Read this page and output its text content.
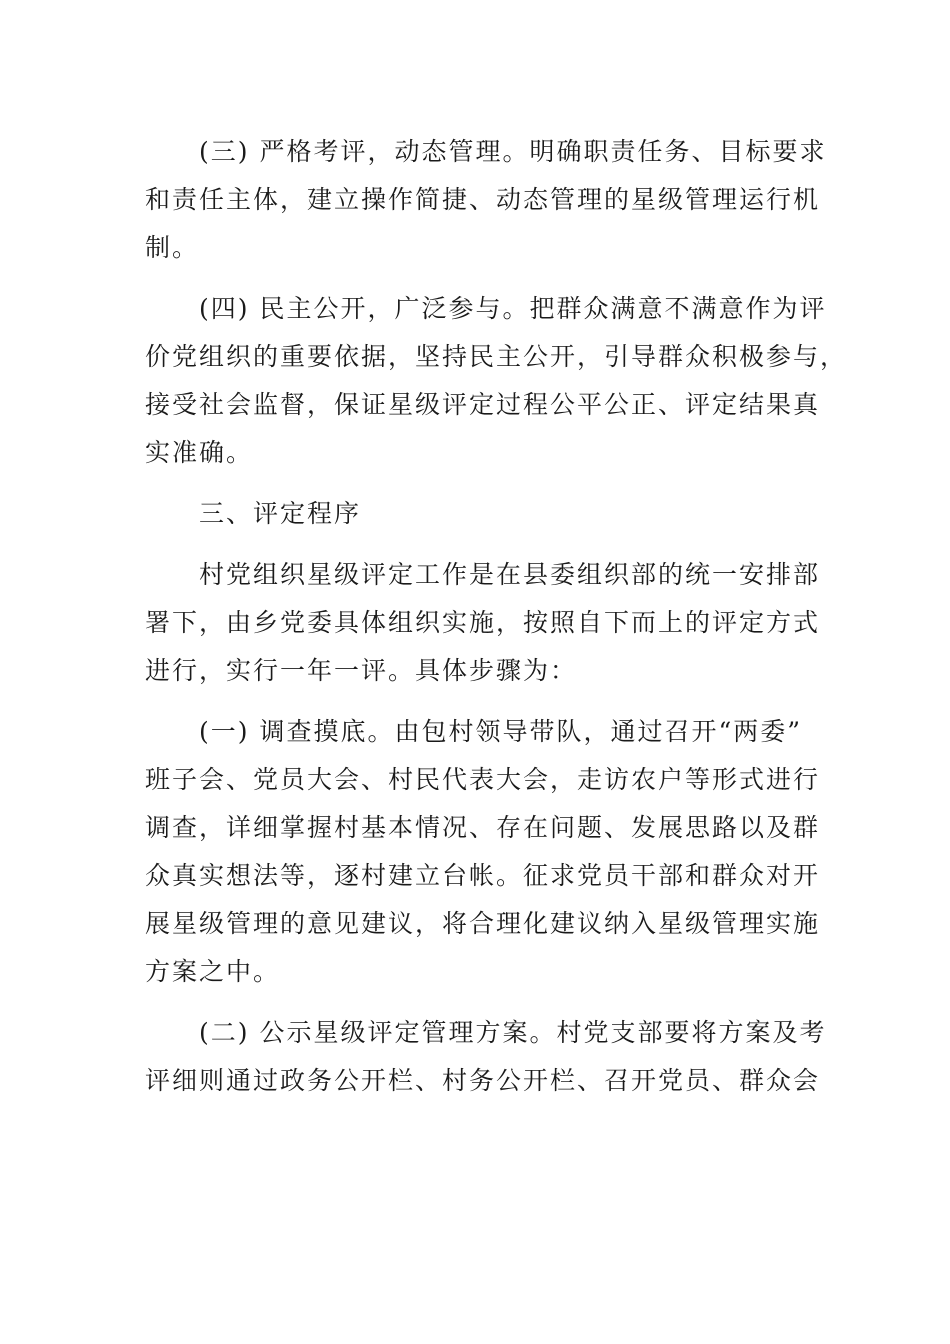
(三) 严格考评，动态管理。明确职责任务、目标要求
和责任主体，建立操作简捷、动态管理的星级管理运行机
制。
(四) 民主公开，广泛参与。把群众满意不满意作为评
价党组织的重要依据，坚持民主公开，引导群众积极参与，
接受社会监督，保证星级评定过程公平公正、评定结果真
实准确。
三、评定程序
村党组织星级评定工作是在县委组织部的统一安排部
署下，由乡党委具体组织实施，按照自下而上的评定方式
进行，实行一年一评。具体步骤为：
(一) 调查摸底。由包村领导带队，通过召开“两委”
班子会、党员大会、村民代表大会，走访农户等形式进行
调查，详细掌握村基本情况、存在问题、发展思路以及群
众真实想法等，逐村建立台帐。征求党员干部和群众对开
展星级管理的意见建议，将合理化建议纳入星级管理实施
方案之中。
(二) 公示星级评定管理方案。村党支部要将方案及考
评细则通过政务公开栏、村务公开栏、召开党员、群众会
